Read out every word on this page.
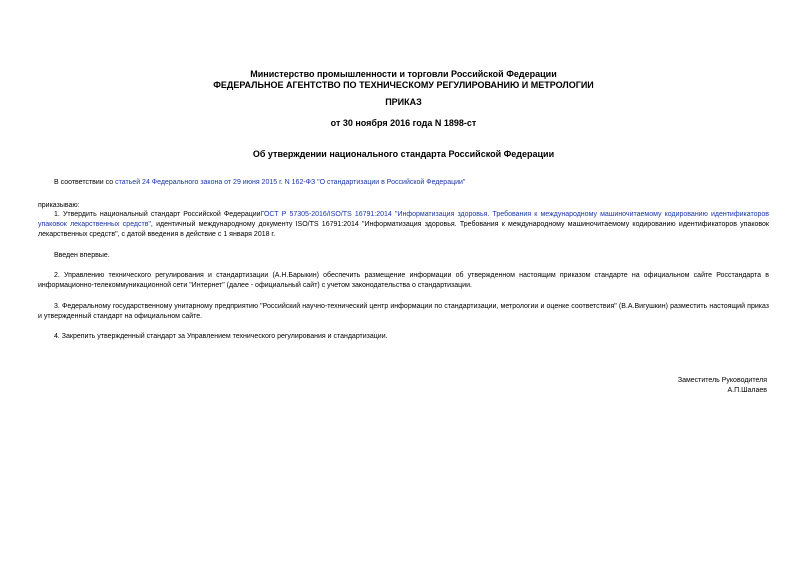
Министерство промышленности и торговли Российской Федерации
ФЕДЕРАЛЬНОЕ АГЕНТСТВО ПО ТЕХНИЧЕСКОМУ РЕГУЛИРОВАНИЮ И МЕТРОЛОГИИ
ПРИКАЗ
от 30 ноября 2016 года N 1898-ст
Об утверждении национального стандарта Российской Федерации
В соответствии со статьей 24 Федерального закона от 29 июня 2015 г. N 162-ФЗ "О стандартизации в Российской Федерации"
приказываю:
1. Утвердить национальный стандарт Российской ФедерацииГОСТ Р 57305-2016/ISO/TS 16791:2014 "Информатизация здоровья. Требования к международному машиночитаемому кодированию идентификаторов упаковок лекарственных средств", идентичный международному документу ISO/TS 16791:2014 "Информатизация здоровья. Требования к международному машиночитаемому кодированию идентификаторов упаковок лекарственных средств", с датой введения в действие с 1 января 2018 г.
Введен впервые.
2. Управлению технического регулирования и стандартизации (А.Н.Барыкин) обеспечить размещение информации об утвержденном настоящим приказом стандарте на официальном сайте Росстандарта в информационно-телекоммуникационной сети "Интернет" (далее - официальный сайт) с учетом законодательства о стандартизации.
3. Федеральному государственному унитарному предприятию "Российский научно-технический центр информации по стандартизации, метрологии и оценке соответствия" (В.А.Вигушкин) разместить настоящий приказ и утвержденный стандарт на официальном сайте.
4. Закрепить утвержденный стандарт за Управлением технического регулирования и стандартизации.
Заместитель Руководителя
А.П.Шалаев
